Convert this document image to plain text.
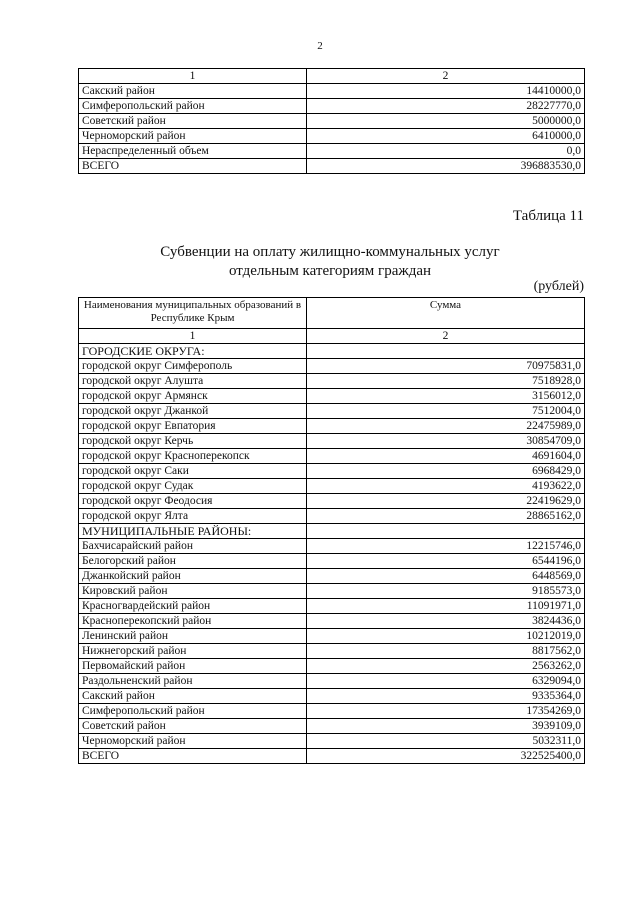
2
1	2
Сакский район	14410000,0
Симферопольский район	28227770,0
Советский район	5000000,0
Черноморский район	6410000,0
Нераспределенный объем	0,0
ВСЕГО	396883530,0
Таблица 11
Субвенции на оплату жилищно-коммунальных услуг
отдельным категориям граждан
(рублей)
Наименования муниципальных образований в Республике Крым	Сумма
1	2
ГОРОДСКИЕ ОКРУГА:	
городской округ Симферополь	70975831,0
городской округ Алушта	7518928,0
городской округ Армянск	3156012,0
городской округ Джанкой	7512004,0
городской округ Евпатория	22475989,0
городской округ Керчь	30854709,0
городской округ Красноперекопск	4691604,0
городской округ Саки	6968429,0
городской округ Судак	4193622,0
городской округ Феодосия	22419629,0
городской округ Ялта	28865162,0
МУНИЦИПАЛЬНЫЕ РАЙОНЫ:	
Бахчисарайский район	12215746,0
Белогорский район	6544196,0
Джанкойский район	6448569,0
Кировский район	9185573,0
Красногвардейский район	11091971,0
Красноперекопский район	3824436,0
Ленинский район	10212019,0
Нижнегорский район	8817562,0
Первомайский район	2563262,0
Раздольненский район	6329094,0
Сакский район	9335364,0
Симферопольский район	17354269,0
Советский район	3939109,0
Черноморский район	5032311,0
ВСЕГО	322525400,0
